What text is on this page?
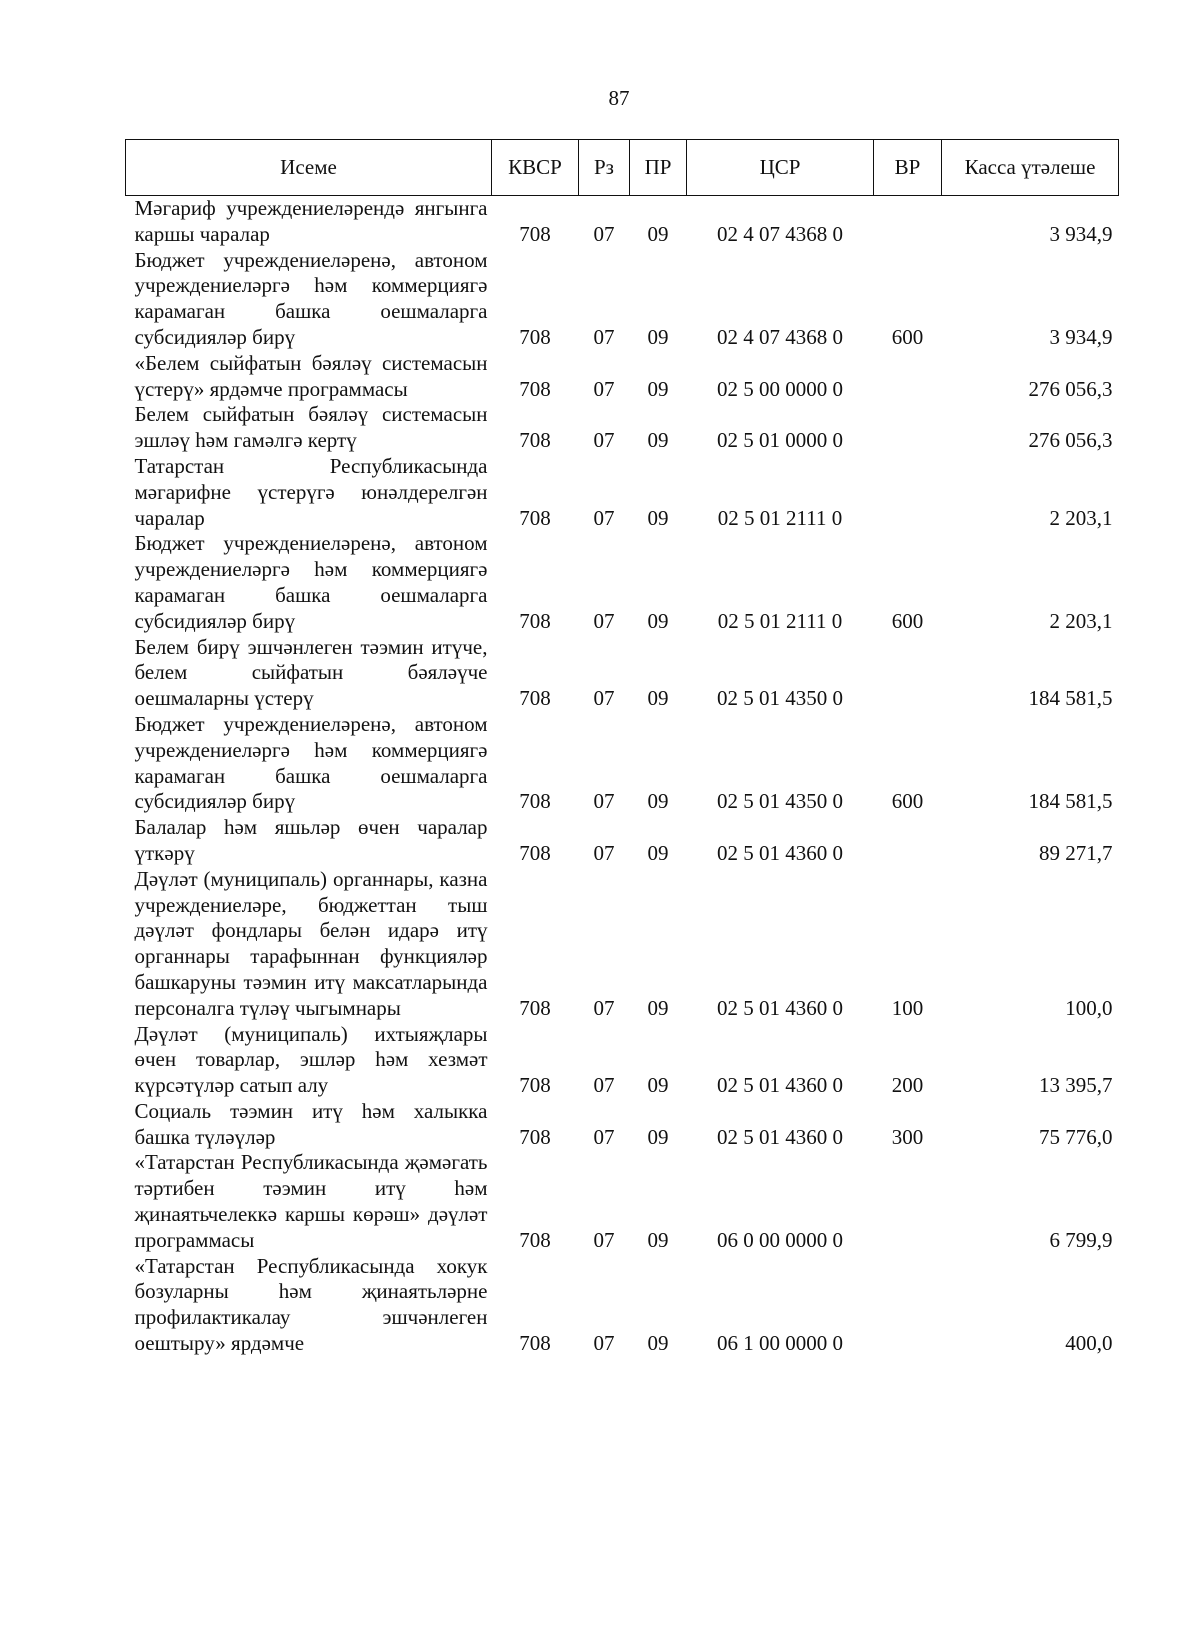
87
Исеме	КВСР	Рз	ПР	ЦСР	ВР	Касса үтәлеше
Мәгариф учреждениеләрендә янгынга каршы чаралар	708	07	09	02 4 07 4368 0		3 934,9
Бюджет учреждениеләренә, автоном учреждениеләргә һәм коммерциягә карамаган башка оешмаларга субсидияләр бирү	708	07	09	02 4 07 4368 0	600	3 934,9
«Белем сыйфатын бәяләү системасын үстерү» ярдәмче программасы	708	07	09	02 5 00 0000 0		276 056,3
Белем сыйфатын бәяләү системасын эшләү һәм гамәлгә кертү	708	07	09	02 5 01 0000 0		276 056,3
Татарстан Республикасында мәгарифне үстерүгә юнәлдерелгән чаралар	708	07	09	02 5 01 2111 0		2 203,1
Бюджет учреждениеләренә, автоном учреждениеләргә һәм коммерциягә карамаган башка оешмаларга субсидияләр бирү	708	07	09	02 5 01 2111 0	600	2 203,1
Белем бирү эшчәнлеген тәэмин итүче, белем сыйфатын бәяләүче оешмаларны үстерү	708	07	09	02 5 01 4350 0		184 581,5
Бюджет учреждениеләренә, автоном учреждениеләргә һәм коммерциягә карамаган башка оешмаларга субсидияләр бирү	708	07	09	02 5 01 4350 0	600	184 581,5
Балалар һәм яшьләр өчен чаралар үткәрү	708	07	09	02 5 01 4360 0		89 271,7
Дәүләт (муниципаль) органнары, казна учреждениеләре, бюджеттан тыш дәүләт фондлары белән идарә итү органнары тарафыннан функцияләр башкаруны тәэмин итү максатларында персоналга түләү чыгымнары	708	07	09	02 5 01 4360 0	100	100,0
Дәүләт (муниципаль) ихтыяҗлары өчен товарлар, эшләр һәм хезмәт күрсәтүләр сатып алу	708	07	09	02 5 01 4360 0	200	13 395,7
Социаль тәэмин итү һәм халыкка башка түләүләр	708	07	09	02 5 01 4360 0	300	75 776,0
«Татарстан Республикасында җәмәгать тәртибен тәэмин итү һәм җинаятьчелеккә каршы көрәш» дәүләт программасы	708	07	09	06 0 00 0000 0		6 799,9
«Татарстан Республикасында хокук бозуларны һәм җинаятьләрне профилактикалау эшчәнлеген оештыру» ярдәмче	708	07	09	06 1 00 0000 0		400,0
